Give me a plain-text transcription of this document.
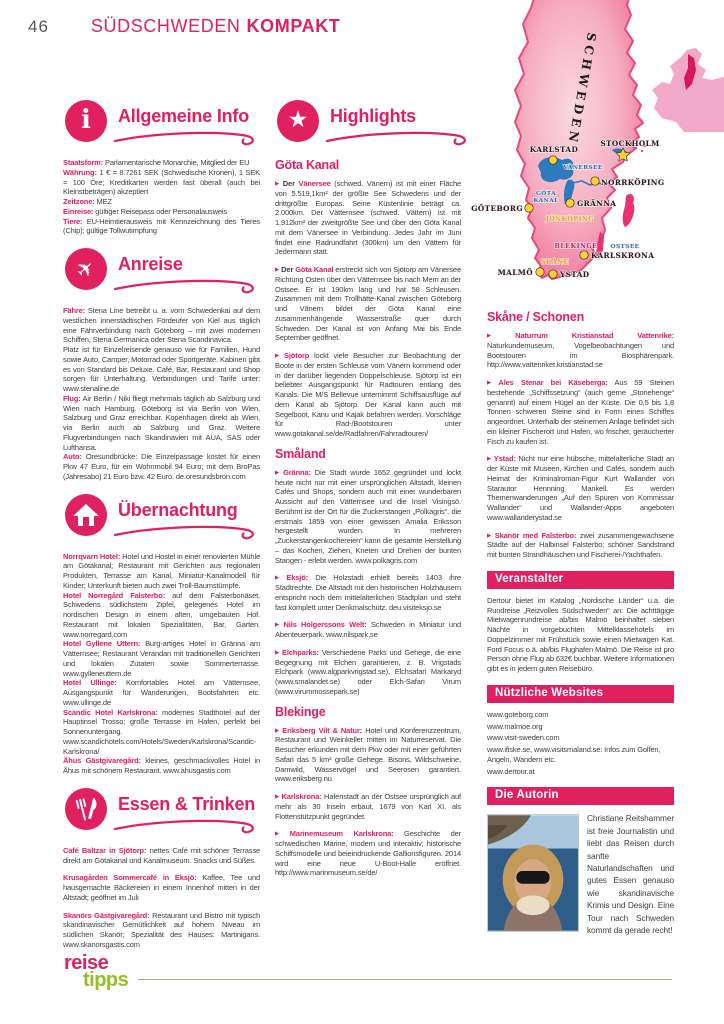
46 SÜDSCHWEDEN KOMPAKT
i Allgemeine Info
Staatsform: Parlamentarische Monarchie, Mitglied der EU
Währung: 1 € = 8.7261 SEK (Schwedische Kronen), 1 SEK = 100 Öre; Kreditkarten werden fast überall (auch bei Kleinstbeträgen) akzeptiert
Zeitzone: MEZ
Einreise: gültiger Reisepass oder Personalausweis
Tiere: EU-Heimtierausweis mit Kennzeichnung des Tieres (Chip); gültige Tollwutimpfung
✈ Anreise
Fähre: Stena Line betreibt u. a. vom Schwedenkai auf dem westlichen innerstädtischen Fördeufer von Kiel aus täglich eine Fährverbindung nach Göteborg – mit zwei modernen Schiffen, Stena Germanica oder Stena Scandinavica.
Platz ist für Einzelreisende genauso wie für Familien, Hund sowie Auto, Camper, Motorrad oder Sportgeräte. Kabinen gibt es von Standard bis Deluxe. Café, Bar, Restaurant und Shop sorgen für Unterhaltung. Verbindungen und Tarife unter: www.stenaline.de
Flug: Air Berlin / Niki fliegt mehrmals täglich ab Salzburg und Wien nach Hamburg. Göteborg ist via Berlin von Wien, Salzburg und Graz erreichbar. Kopenhagen direkt ab Wien, via Berlin auch ab Salzburg und Graz. Weitere Flugverbindungen nach Skandinavien mit AUA, SAS oder Lufthansa.
Auto: Oresundbrücke: Die Einzelpassage kostet für einen Pkw 47 Euro, für ein Wohnmobil 94 Euro; mit dem BroPas (Jahresabo) 21 Euro bzw. 42 Euro. de.oresundsbron.com
Übernachtung
Norrqvarn Hotel: Hotel und Hostel in einer renovierten Mühle am Götakanal; Restaurant mit Gerichten aus regionalen Produkten, Terrasse am Kanal, Miniatur-Kanalmodell für Kinder; Unterkunft bieten auch zwei Troll-Baumstümpfe.
Hotel Norregård Falsterbo: auf dem Falsterbonäset, Schwedens südlichstem Zipfel, gelegenes Hotel im nordischen Design in einem alten, umgebauten Hof. Restaurant mit lokalen Spezialitäten, Bar, Garten. www.norregard.com
Hotel Gyllene Uttern: Burg-artiges Hotel in Gränna am Vätternsee; Restaurant Verandan mit traditionellen Gerichten und lokalen Zutaten sowie Sommerterrasse. www.gylleneuttern.de
Hotel Ullinge: Komfortables Hotel am Vätternsee, Ausgangspunkt für Wanderungen, Bootsfahrten etc. www.ullinge.de
Scandic Hotel Karlskrona: modernes Stadthotel auf der Hauptinsel Trosso; große Terrasse im Hafen, perfekt bei Sonnenuntergang. www.scandichotels.com/Hotels/Sweden/Karlskrona/Scandic-Karlskrona/
Åhus Gästgivaregård: kleines, geschmackvolles Hotel in Åhus mit schönem Restaurant. www.ahusgastis.com
Essen & Trinken
Café Baltzar in Sjötorp: nettes Café mit schöner Terrasse direkt am Götakanal und Kanalmuseum. Snacks und Süßes.
Krusagården Sommercafé in Eksjö: Kaffee, Tee und hausgemachte Bäckereien in einem Innenhof mitten in der Altstadt; geöffnet im Juli
Skanörs Gästgivaregård: Restaurant und Bistro mit typisch skandinavischer Gemütlichkeit auf hohem Niveau im südlichen Skanör; Spezialität des Hauses: Martinigans. www.skanorsgastis.com
★ Highlights
Göta Kanal
▶ Der Vänersee (schwed. Vänern) ist mit einer Fläche von 5.519,1km² der größte See Schwedens und der drittgrößte Europas. Seine Küstenlinie beträgt ca. 2.000km. Der Vätternsee (schwed. Vättern) ist mit 1.912km² der zweitgrößte See und über den Göta Kanal mit dem Vänersee in Verbindung. Jedes Jahr im Juni findet eine Radrundfahrt (300km) um den Vättern für Jedermann statt.
▶ Der Göta Kanal erstreckt sich von Sjötorp am Vänersee Richtung Osten über den Vätternsee bis nach Mem an der Ostsee. Er ist 190km lang und hat 58 Schleusen. Zusammen mit dem Trollhätte-Kanal zwischen Göteborg und Vänern bildet der Göta Kanal eine zusammenhängende Wasserstraße quer durch Schweden. Der Kanal ist von Anfang Mai bis Ende September geöffnet.
▶ Sjötorp lockt viele Besucher zur Beobachtung der Boote in der ersten Schleuse vom Vänern kommend oder in der darüber liegenden Doppelschleuse. Sjötorp ist ein beliebter Ausgangspunkt für Radtouren entlang des Kanals. Die M/S Bellevue unternimmt Schiffsausflüge auf dem Kanal ab Sjötorp. Der Kanal kann auch mit Segelboot, Kanu und Kajak befahren werden. Vorschläge für Rad-/Bootstouren unter www.gotakanal.se/de/Radfahren/Fahrradtouren/
Småland
▶ Gränna: Die Stadt wurde 1652 gegründet und lockt heute nicht nur mit einer ursprünglichen Altstadt, kleinen Cafés und Shops, sondern auch mit einer wunderbaren Aussicht auf den Vätternsee und die Insel Visingsö. Berühmt ist der Ort für die Zuckerstangen „Polkagris“, die erstmals 1859 von einer gewissen Amalia Eriksson hergestellt wurden. In mehreren „Zuckerstangenkochereien“ kann die gesamte Herstellung – das Kochen, Ziehen, Kneten und Drehen der bunten Stangen - erlebt werden. www.polkagris.com
▶ Eksjö: Die Holzstadt erhielt bereits 1403 ihre Stadtrechte. Die Altstadt mit den historischen Holzhäusern entspricht noch dem mittelalterlichen Stadtplan und steht fast komplett unter Denkmalschutz. deu.visiteksjo.se
▶ Nils Holgerssons Welt: Schweden in Miniatur und Abenteuerpark. www.nilspark.se
▶ Elchparks: Verschiedene Parks und Gehege, die eine Begegnung mit Elchen garantieren, z. B. Vrigstads Elchpark (www.algparkvrigstad.se), Elchsafari Markaryd (www.smalandet.se) oder Elch-Safari Virum (www.virummossepark.se)
Blekinge
▶ Eriksberg Vilt & Natur: Hotel und Konferenzzentrum, Restaurant und Weinkeller mitten im Naturreservat. Die Besucher erkunden mit dem Pkw oder mit einer geführten Safari das 5 km² große Gehege. Bisons, Wildschweine, Damwild, Wasservögel und Seerosen garantiert. www.eriksberg.nu
▶ Karlskrona: Hafenstadt an der Ostsee ursprünglich auf mehr als 30 Inseln erbaut, 1679 von Karl XI. als Flottenstützpunkt gegründet.
▶ Marinemuseum Karlskrona: Geschichte der schwedischen Marine, modern und interaktiv; historische Schiffsmodelle und beieindruckende Gallionsfiguren. 2014 wird eine neue U-Boot-Halle eröffnet. http://www.marinmuseum.se/de/
SCHWEDEN
KARLSTAD
STOCKHOLM
NORRKÖPING
GRÄNNA
GÖTEBORG
KARLSKRONA
MALMÖ	YSTAD
JÖNKÖPING
BLEKINGE
SKÅNE
VÄNERSEE
GÖTA
KANAL
OSTSEE
Skåne / Schonen
▶ Naturrum Kristianstad Vattenrike: Naturkundemuseum, Vogelbeobachtungen und Bootstouren im Biosphärenpark. http://www.vattenriket.kristianstad.se
▶ Ales Stenar bei Käseberga: Aus 59 Steinen bestehende „Schiffssetzung“ (auch gerne „Stonehenge“ genannt) auf einem Hügel an der Küste. Die 0,5 bis 1,8 Tonnen schweren Steine sind in Form eines Schiffes angeordnet. Unterhalb der steinernen Anlage befindet sich ein kleiner Fischerort und Hafen, wo frischer, geräucherter Fisch zu kaufen ist.
▶ Ystad: Nicht nur eine hübsche, mittelalterliche Stadt an der Küste mit Museen, Kirchen und Cafés, sondern auch Heimat der Kriminalroman-Figur Kurt Wallander von Starautor Hennning Mankell. Es werden Themenwanderungen „Auf den Spuren von Kommissar Wallander“ und Wallander-Apps angeboten www.wallanderystad.se
▶ Skanör med Falsterbo: zwei zusammengewachsene Städte auf der Halbinsel Falsterbo; schöner Sandstrand mit bunten Strandhäuschen und Fischerei-/Yachthafen.
Veranstalter
Dertour bietet im Katalog „Nordische Länder“ u.a. die Rundreise „Reizvolles Südschweden“ an: Die achttägige Mietwagenrundreise ab/bis Malmö beinhaltet sieben Nächte in vorgebuchten Mittelklassehotels im Doppelzimmer mit Frühstück sowie einen Mietwagen Kat. Ford Focus o.ä. ab/bis Flughafen Malmö. Die Reise ist pro Person ohne Flug ab 632€ buchbar. Weitere Informationen gibt es in jedem guten Reisebüro.
Nützliche Websites
www.goteborg.com
www.malmoe.org
www.visit-sweden.com
www.ifiske.se, www.visitsmaland.se: Infos zum Golfen, Angeln, Wandern etc.
www.dertour.at
Die Autorin
Christiane Reitshammer ist freie Journalistin und liebt das Reisen durch sanfte Naturlandschaften und gutes Essen genauso wie skandinavische Krimis und Design. Eine Tour nach Schweden kommt da gerade recht!
reise
tipps
